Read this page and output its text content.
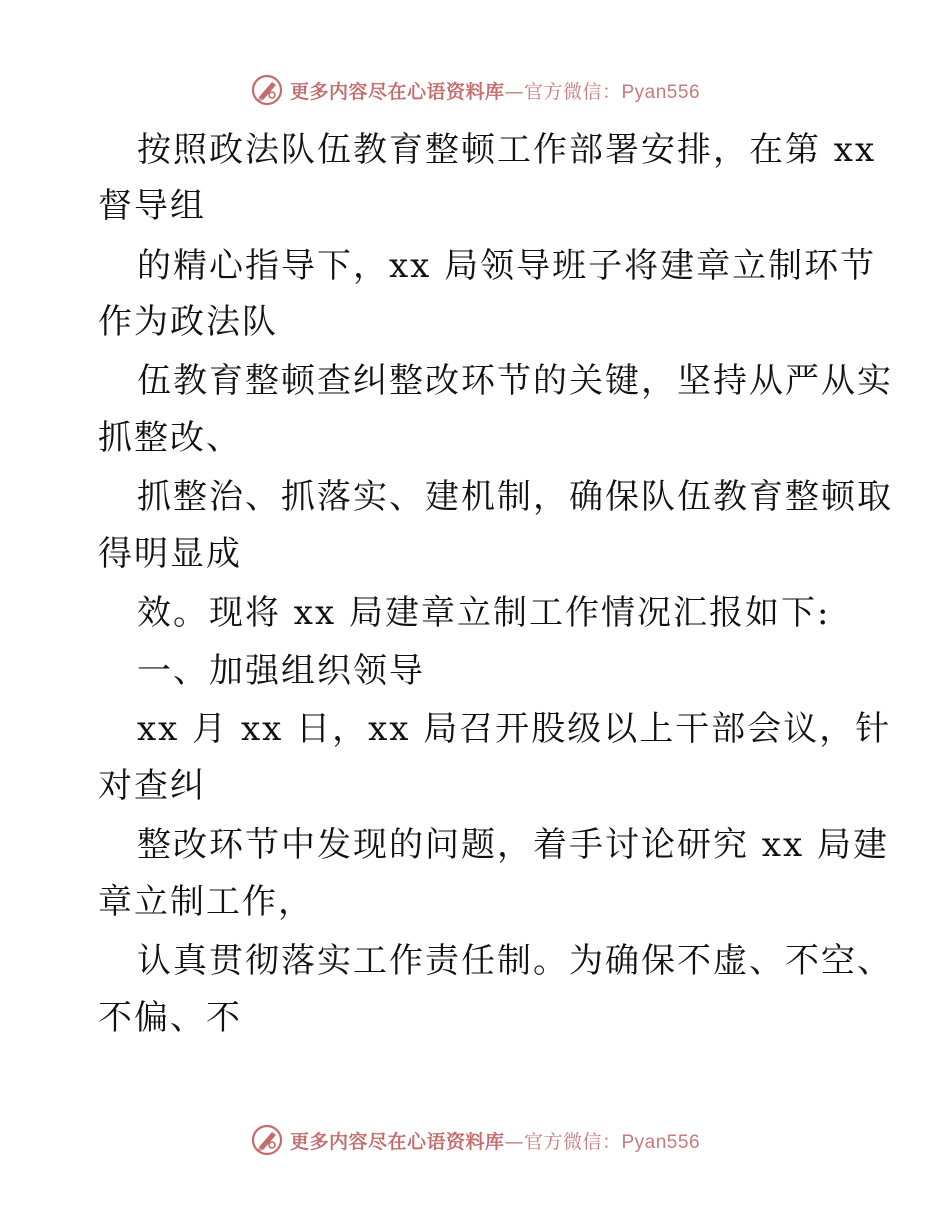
更多内容尽在心语资料库—官方微信：Pyan556
按照政法队伍教育整顿工作部署安排，在第 xx
督导组
的精心指导下，xx 局领导班子将建章立制环节
作为政法队
伍教育整顿查纠整改环节的关键，坚持从严从实
抓整改、
抓整治、抓落实、建机制，确保队伍教育整顿取
得明显成
效。现将 xx 局建章立制工作情况汇报如下:
一、加强组织领导
xx 月 xx 日，xx 局召开股级以上干部会议，针
对查纠
整改环节中发现的问题，着手讨论研究 xx 局建
章立制工作，
认真贯彻落实工作责任制。为确保不虚、不空、
不偏、不
更多内容尽在心语资料库—官方微信：Pyan556
